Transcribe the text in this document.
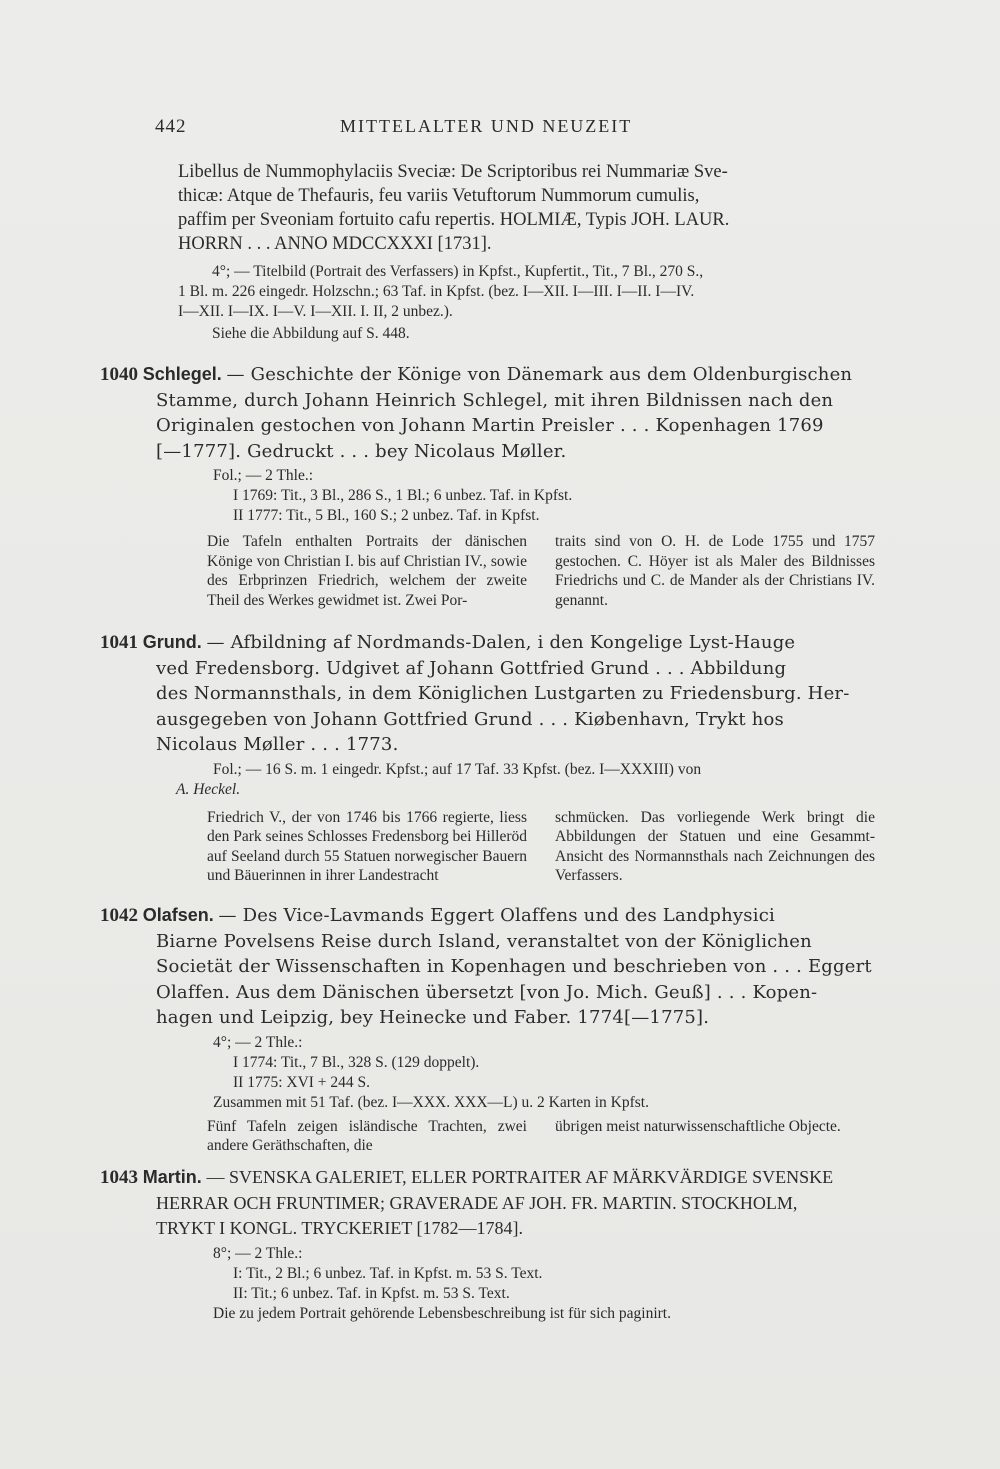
442	MITTELALTER UND NEUZEIT
Libellus de Nummophylaciis Sveciæ: De Scriptoribus rei Nummariæ Sve-
thicæ: Atque de Thefauris, feu variis Vetuftorum Nummorum cumulis,
paffim per Sveoniam fortuito cafu repertis. HOLMIÆ, Typis JOH. LAUR.
HORRN . . . ANNO MDCCXXXI [1731].
4°; — Titelbild (Portrait des Verfassers) in Kpfst., Kupfertit., Tit., 7 Bl., 270 S.,
1 Bl. m. 226 eingedr. Holzschn.; 63 Taf. in Kpfst. (bez. I—XII. I—III. I—II. I—IV.
I—XII. I—IX. I—V. I—XII. I. II, 2 unbez.).
Siehe die Abbildung auf S. 448.
1040 Schlegel. — Geschichte der Könige von Dänemark aus dem Oldenburgischen
Stamme, durch Johann Heinrich Schlegel, mit ihren Bildnissen nach den
Originalen gestochen von Johann Martin Preisler . . . Kopenhagen 1769
[—1777]. Gedruckt . . . bey Nicolaus Møller.
Fol.; — 2 Thle.:
I 1769: Tit., 3 Bl., 286 S., 1 Bl.; 6 unbez. Taf. in Kpfst.
II 1777: Tit., 5 Bl., 160 S.; 2 unbez. Taf. in Kpfst.
Die Tafeln enthalten Portraits der dänischen Könige von Christian I. bis auf Christian IV., sowie des Erbprinzen Friedrich, welchem der zweite Theil des Werkes gewidmet ist. Zwei Por-
traits sind von O. H. de Lode 1755 und 1757 gestochen. C. Höyer ist als Maler des Bildnisses Friedrichs und C. de Mander als der Christians IV. genannt.
1041 Grund. — Afbildning af Nordmands-Dalen, i den Kongelige Lyst-Hauge
ved Fredensborg. Udgivet af Johann Gottfried Grund . . . Abbildung
des Normannsthals, in dem Königlichen Lustgarten zu Friedensburg. Her-
ausgegeben von Johann Gottfried Grund . . . Kiøbenhavn, Trykt hos
Nicolaus Møller . . . 1773.
Fol.; — 16 S. m. 1 eingedr. Kpfst.; auf 17 Taf. 33 Kpfst. (bez. I—XXXIII) von
A. Heckel.
Friedrich V., der von 1746 bis 1766 regierte, liess den Park seines Schlosses Fredensborg bei Hilleröd auf Seeland durch 55 Statuen norwegischer Bauern und Bäuerinnen in ihrer Landestracht
schmücken. Das vorliegende Werk bringt die Abbildungen der Statuen und eine Gesammt-Ansicht des Normannsthals nach Zeichnungen des Verfassers.
1042 Olafsen. — Des Vice-Lavmands Eggert Olaffens und des Landphysici
Biarne Povelsens Reise durch Island, veranstaltet von der Königlichen
Societät der Wissenschaften in Kopenhagen und beschrieben von . . . Eggert
Olaffen. Aus dem Dänischen übersetzt [von Jo. Mich. Geuß] . . . Kopen-
hagen und Leipzig, bey Heinecke und Faber. 1774[—1775].
4°; — 2 Thle.:
I 1774: Tit., 7 Bl., 328 S. (129 doppelt).
II 1775: XVI + 244 S.
Zusammen mit 51 Taf. (bez. I—XXX. XXX—L) u. 2 Karten in Kpfst.
Fünf Tafeln zeigen isländische Trachten, zwei andere Geräthschaften, die
übrigen meist naturwissenschaftliche Objecte.
1043 Martin. — SVENSKA GALERIET, ELLER PORTRAITER AF MÄRKVÄRDIGE SVENSKE
HERRAR OCH FRUNTIMER; GRAVERADE AF JOH. FR. MARTIN. STOCKHOLM,
TRYKT I KONGL. TRYCKERIET [1782—1784].
8°; — 2 Thle.:
I: Tit., 2 Bl.; 6 unbez. Taf. in Kpfst. m. 53 S. Text.
II: Tit.; 6 unbez. Taf. in Kpfst. m. 53 S. Text.
Die zu jedem Portrait gehörende Lebensbeschreibung ist für sich paginirt.
